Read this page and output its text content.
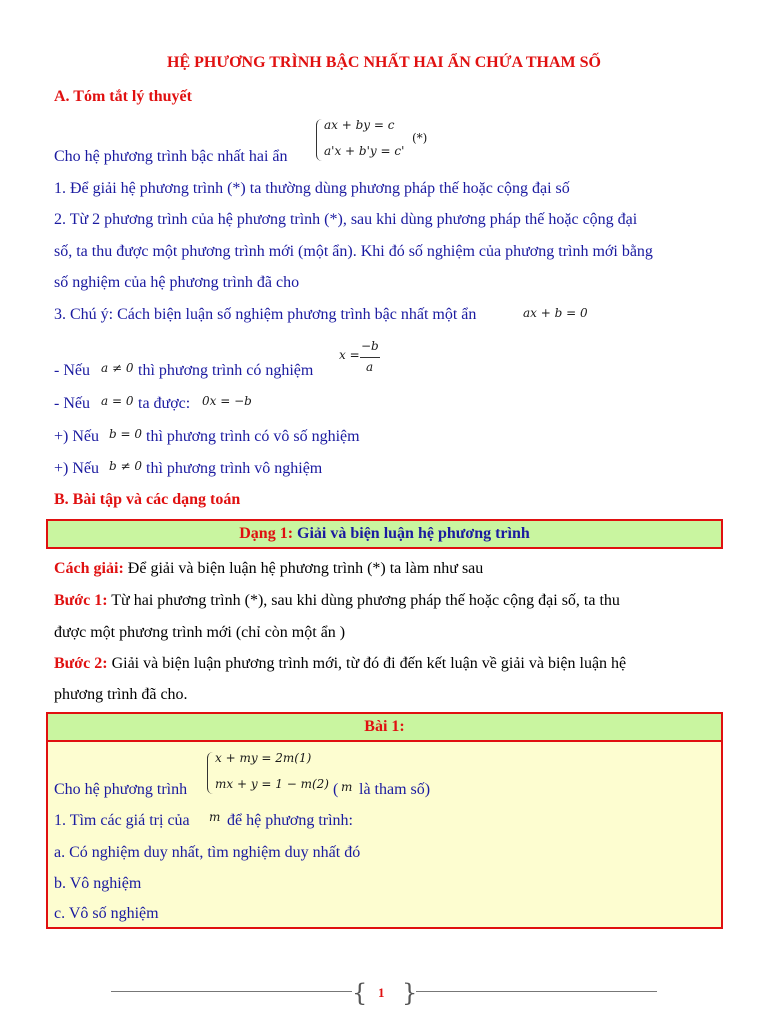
HỆ PHƯƠNG TRÌNH BẬC NHẤT HAI ẨN CHỨA THAM SỐ
A. Tóm tắt lý thuyết
ax + by = c
a'x + b'y = c'
(*)
Cho hệ phương trình bậc nhất hai ẩn
1. Để giải hệ phương trình (*) ta thường dùng phương pháp thế hoặc cộng đại số
2. Từ 2 phương trình của hệ phương trình (*), sau khi dùng phương pháp thế hoặc cộng đại
số, ta thu được một phương trình mới (một ẩn). Khi đó số nghiệm của phương trình mới bằng
số nghiệm của hệ phương trình đã cho
3. Chú ý: Cách biện luận số nghiệm phương trình bậc nhất một ẩn	ax + b = 0
- Nếu a ≠ 0 thì phương trình có nghiệm
x =
−b
a
- Nếu a = 0 ta được: 0x = −b
+) Nếu b = 0 thì phương trình có vô số nghiệm
+) Nếu b ≠ 0 thì phương trình vô nghiệm
B. Bài tập và các dạng toán
Dạng 1: Giải và biện luận hệ phương trình
Cách giải: Để giải và biện luận hệ phương trình (*) ta làm như sau
Bước 1: Từ hai phương trình (*), sau khi dùng phương pháp thế hoặc cộng đại số, ta thu
được một phương trình mới (chỉ còn một ẩn )
Bước 2: Giải và biện luận phương trình mới, từ đó đi đến kết luận về giải và biện luận hệ
phương trình đã cho.
Bài 1:
x + my = 2m(1)
mx + y = 1 − m(2)
Cho hệ phương trình	( m là tham số)
1. Tìm các giá trị của m để hệ phương trình:
a. Có nghiệm duy nhất, tìm nghiệm duy nhất đó
b. Vô nghiệm
c. Vô số nghiệm
{ }
1
